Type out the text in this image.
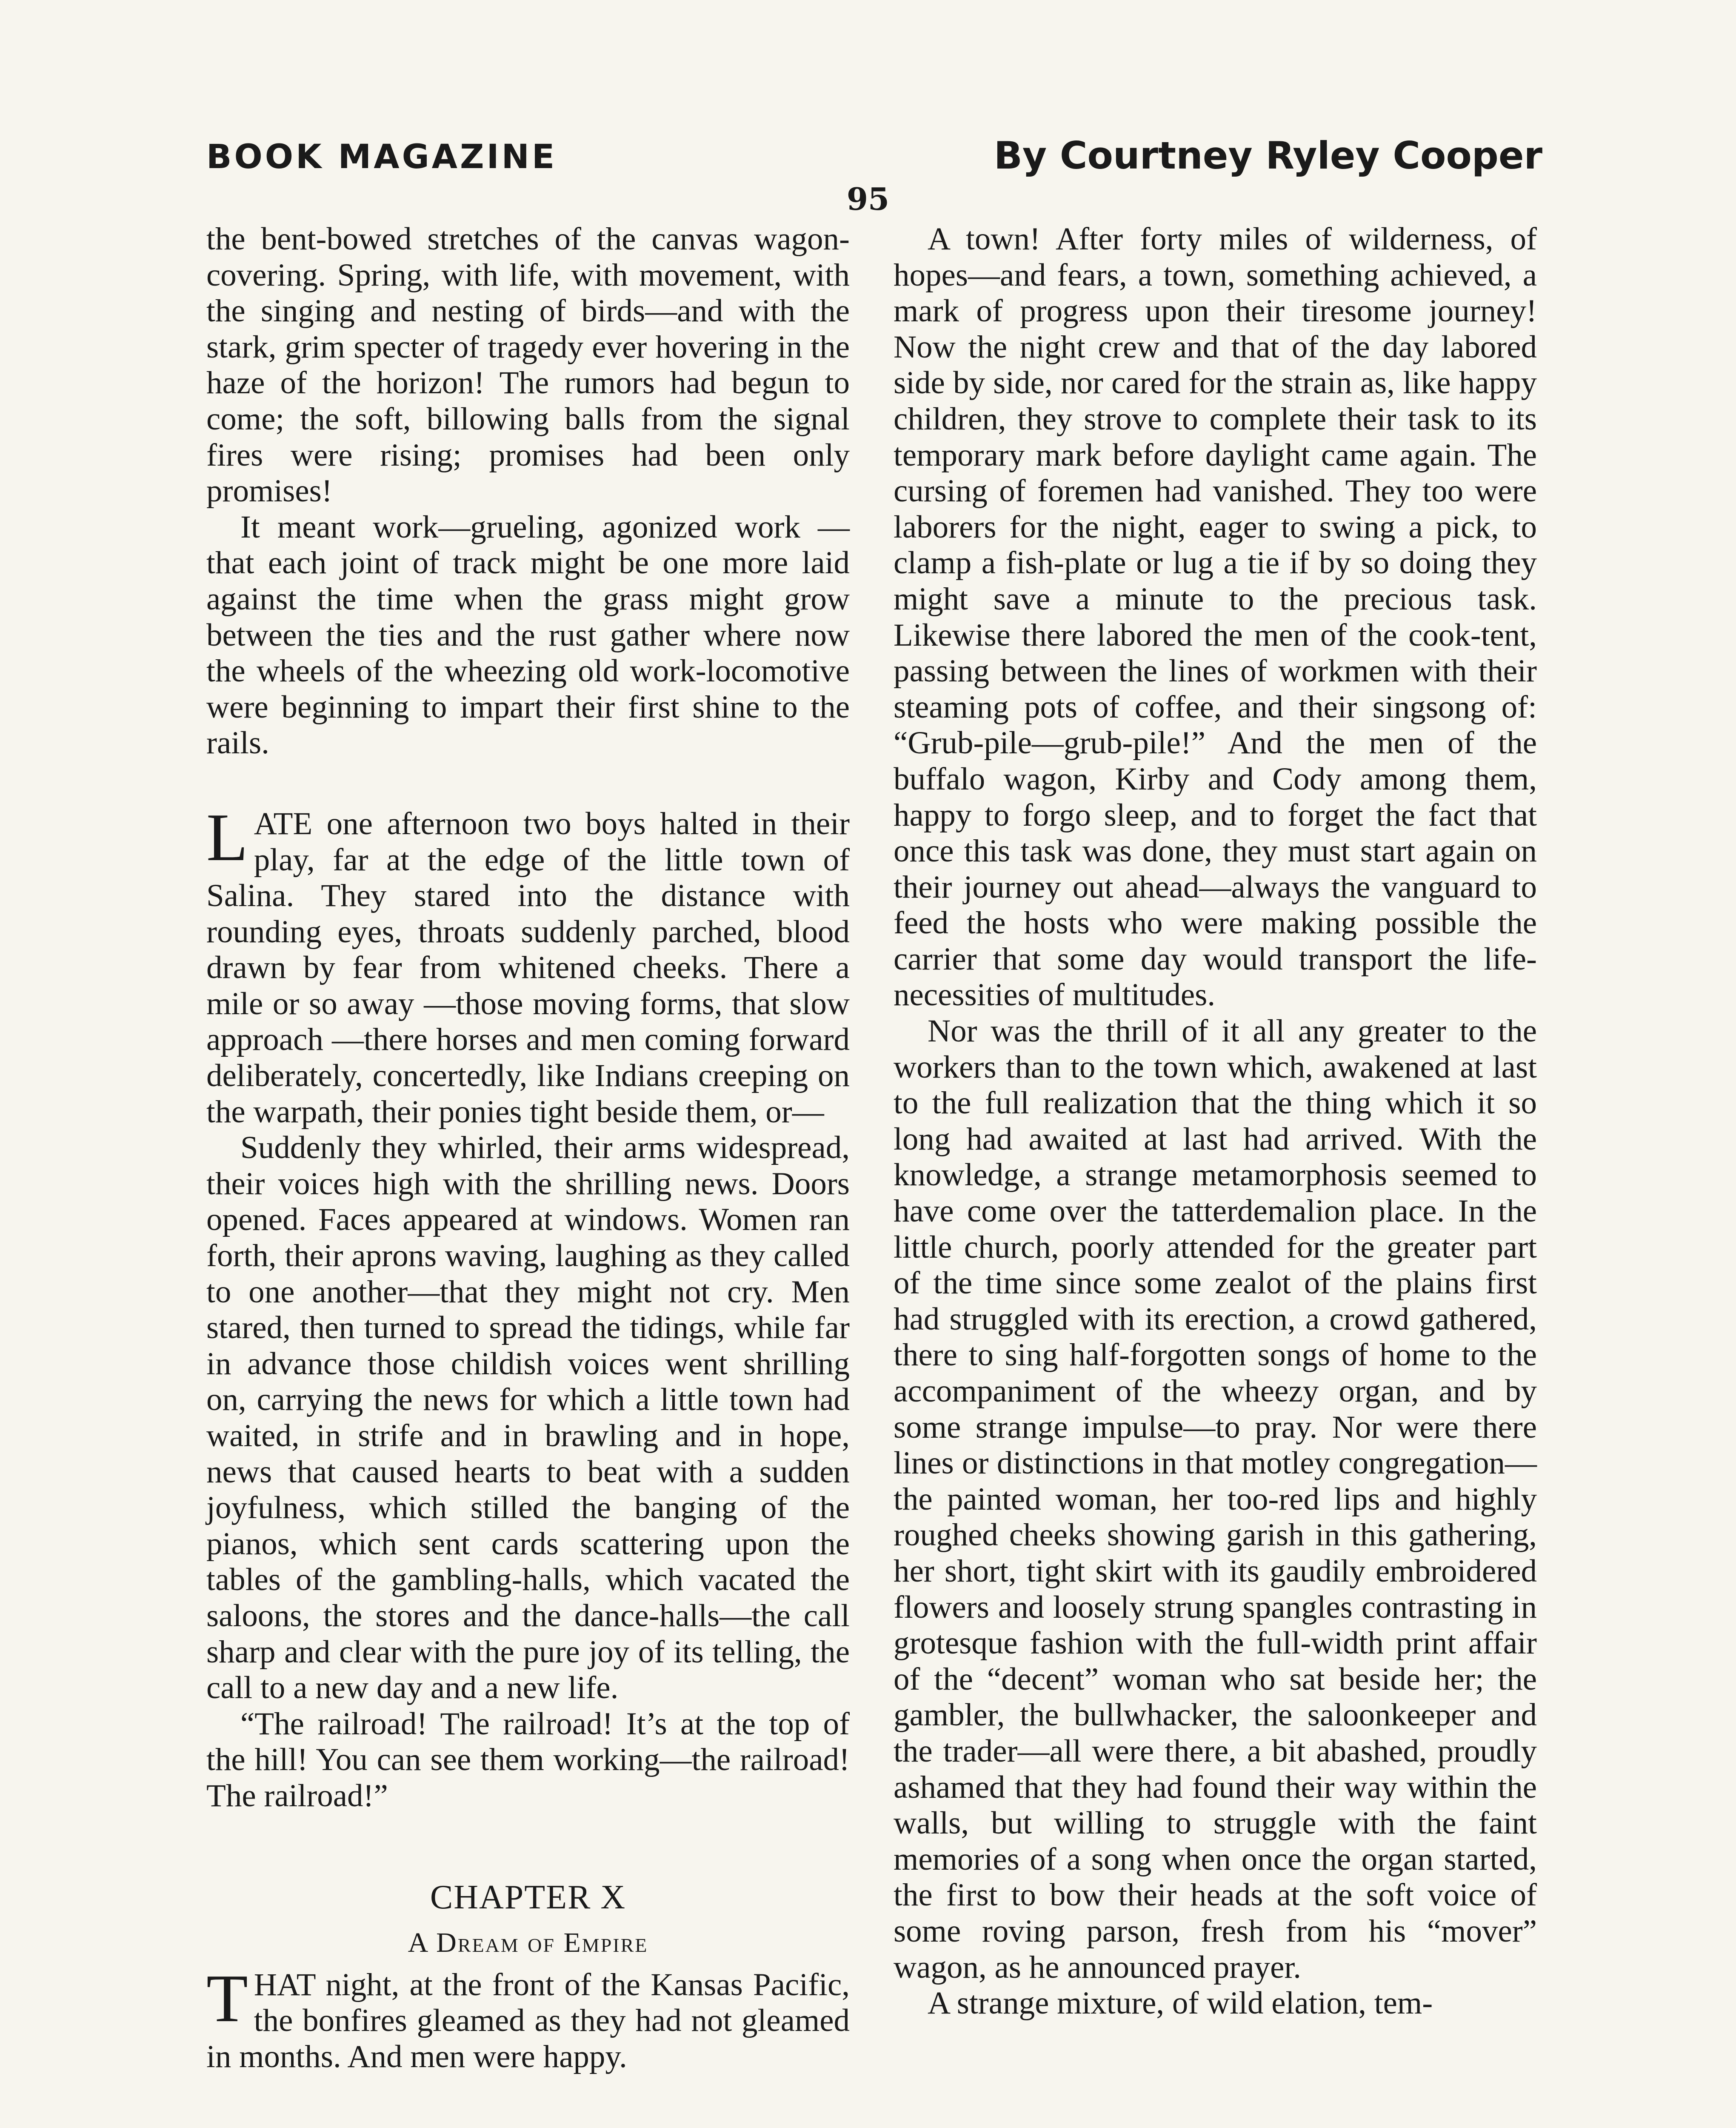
BOOK MAGAZINE	By Courtney Ryley Cooper
95

the bent-bowed stretches of the canvas wagon-covering. Spring, with life, with movement, with the singing and nesting of birds—and with the stark, grim specter of tragedy ever hovering in the haze of the horizon! The rumors had begun to come; the soft, billowing balls from the signal fires were rising; promises had been only promises!

It meant work—grueling, agonized work —that each joint of track might be one more laid against the time when the grass might grow between the ties and the rust gather where now the wheels of the wheezing old work-locomotive were beginning to impart their first shine to the rails.

L ATE one afternoon two boys halted in their play, far at the edge of the little town of Salina. They stared into the distance with rounding eyes, throats suddenly parched, blood drawn by fear from whitened cheeks. There a mile or so away —those moving forms, that slow approach —there horses and men coming forward deliberately, concertedly, like Indians creeping on the warpath, their ponies tight beside them, or—

Suddenly they whirled, their arms widespread, their voices high with the shrilling news. Doors opened. Faces appeared at windows. Women ran forth, their aprons waving, laughing as they called to one another—that they might not cry. Men stared, then turned to spread the tidings, while far in advance those childish voices went shrilling on, carrying the news for which a little town had waited, in strife and in brawling and in hope, news that caused hearts to beat with a sudden joyfulness, which stilled the banging of the pianos, which sent cards scattering upon the tables of the gambling-halls, which vacated the saloons, the stores and the dance-halls—the call sharp and clear with the pure joy of its telling, the call to a new day and a new life.

“The railroad! The railroad! It’s at the top of the hill! You can see them working—the railroad! The railroad!”

CHAPTER X
A Dream of Empire
T HAT night, at the front of the Kansas Pacific, the bonfires gleamed as they had not gleamed in months. And men were happy.

A town! After forty miles of wilderness, of hopes—and fears, a town, something achieved, a mark of progress upon their tiresome journey! Now the night crew and that of the day labored side by side, nor cared for the strain as, like happy children, they strove to complete their task to its temporary mark before daylight came again. The cursing of foremen had vanished. They too were laborers for the night, eager to swing a pick, to clamp a fish-plate or lug a tie if by so doing they might save a minute to the precious task. Likewise there labored the men of the cook-tent, passing between the lines of workmen with their steaming pots of coffee, and their singsong of: “Grub-pile—grub-pile!” And the men of the buffalo wagon, Kirby and Cody among them, happy to forgo sleep, and to forget the fact that once this task was done, they must start again on their journey out ahead—always the vanguard to feed the hosts who were making possible the carrier that some day would transport the life-necessities of multitudes.

Nor was the thrill of it all any greater to the workers than to the town which, awakened at last to the full realization that the thing which it so long had awaited at last had arrived. With the knowledge, a strange metamorphosis seemed to have come over the tatterdemalion place. In the little church, poorly attended for the greater part of the time since some zealot of the plains first had struggled with its erection, a crowd gathered, there to sing half-forgotten songs of home to the accompaniment of the wheezy organ, and by some strange impulse—to pray. Nor were there lines or distinctions in that motley congregation—the painted woman, her too-red lips and highly roughed cheeks showing garish in this gathering, her short, tight skirt with its gaudily embroidered flowers and loosely strung spangles contrasting in grotesque fashion with the full-width print affair of the “decent” woman who sat beside her; the gambler, the bullwhacker, the saloonkeeper and the trader—all were there, a bit abashed, proudly ashamed that they had found their way within the walls, but willing to struggle with the faint memories of a song when once the organ started, the first to bow their heads at the soft voice of some roving parson, fresh from his “mover” wagon, as he announced prayer.

A strange mixture, of wild elation, tem-
